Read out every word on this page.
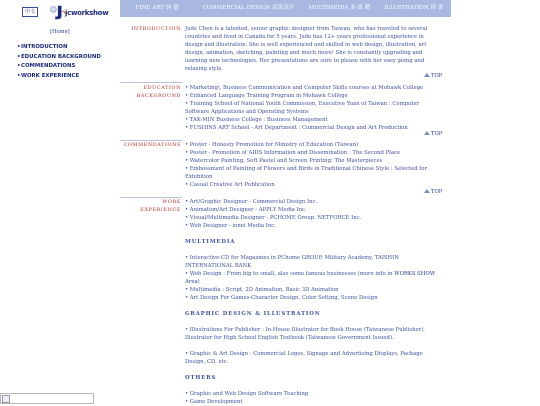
中文	jcworkshow
[Home]
•INTRODUCTION
•EDUCATION BACKGROUND
•COMMENDATIONS
•WORK EXPERIENCE
FINE ART 純 藝	COMMERCIAL DESIGN 商業設計	MULTIMEDIA 多 媒 體	ILLUSTRATION 插 畫
INTRODUCTION Jude Chen is a talented, senior graphic designer from Taiwan, who has traveled to several countries and lived in Canada for 5 years. Jude has 12+ years professional experience in design and illustration. She is well experienced and skilled in web design, illustration, art design, animation, sketching, painting and much more! She is constantly upgrading and learning new technologies. Her presentations are sure to please with her easy going and relaxing style.

TOP
EDUCATION
BACKGROUND

• Marketing\, Business Communication and Computer Skills courses at Mohawk College

• Enhanced Language Training Program in Mohawk College

• Training School of National Youth Commission, Executive Yuan of Taiwan : Computer Software Applications and Operating Systems

• TAK-MIN Business College : Business Management

• FUSHINS ART School - Art Department : Commercial Design and Art Production

TOP
COMMENDATIONS • Poster - Honesty Promotion for Ministry of Education (Taiwan)

• Poster - Promotion of AIDS Information and Dissemination : The Second Place

• Watercolor Painting, Soft Pastel and Screen Printing: The Masterpieces

• Embossment of Painting of Flowers and Birds in Traditional Chinese Style : Selected for Exhibition

• Casual Creative Art Publication

TOP
WORK
EXPERIENCE

• Art/Graphic Designer - Commercial Design Inc.

• Animation/Art Designer - APPLY Media Inc.

• Visual/Multimedia Designer - PCHOME Group. NETFORCE Inc.

• Web Designer - ionei Media Inc.

MULTIMEDIA

• Interactive-CD for Magazines in PChome GROUP, Military Academy, TAISHIN INTERNATIONAL BANK

• Web Design : From big to small, also some famous businesses (more info in WORKS SHOW Area)

• Multimedia : Script, 2D Animation, Basic 3D Animation

• Art Design For Games-Character Design, Color Setting, Scene Design

GRAPHIC DESIGN & ILLUSTRATION

• Illustrations For Publisher : In-House Illustrator for Book House (Taiwanese Publisher), Illustrator for High School English Textbook (Taiwanese Government Issued).

• Graphic & Art Design : Commercial Logos, Signage and Advertising Displays, Package Design, CD, etc.

OTHERS

• Graphic and Web Design Software Teaching

• Game Development
